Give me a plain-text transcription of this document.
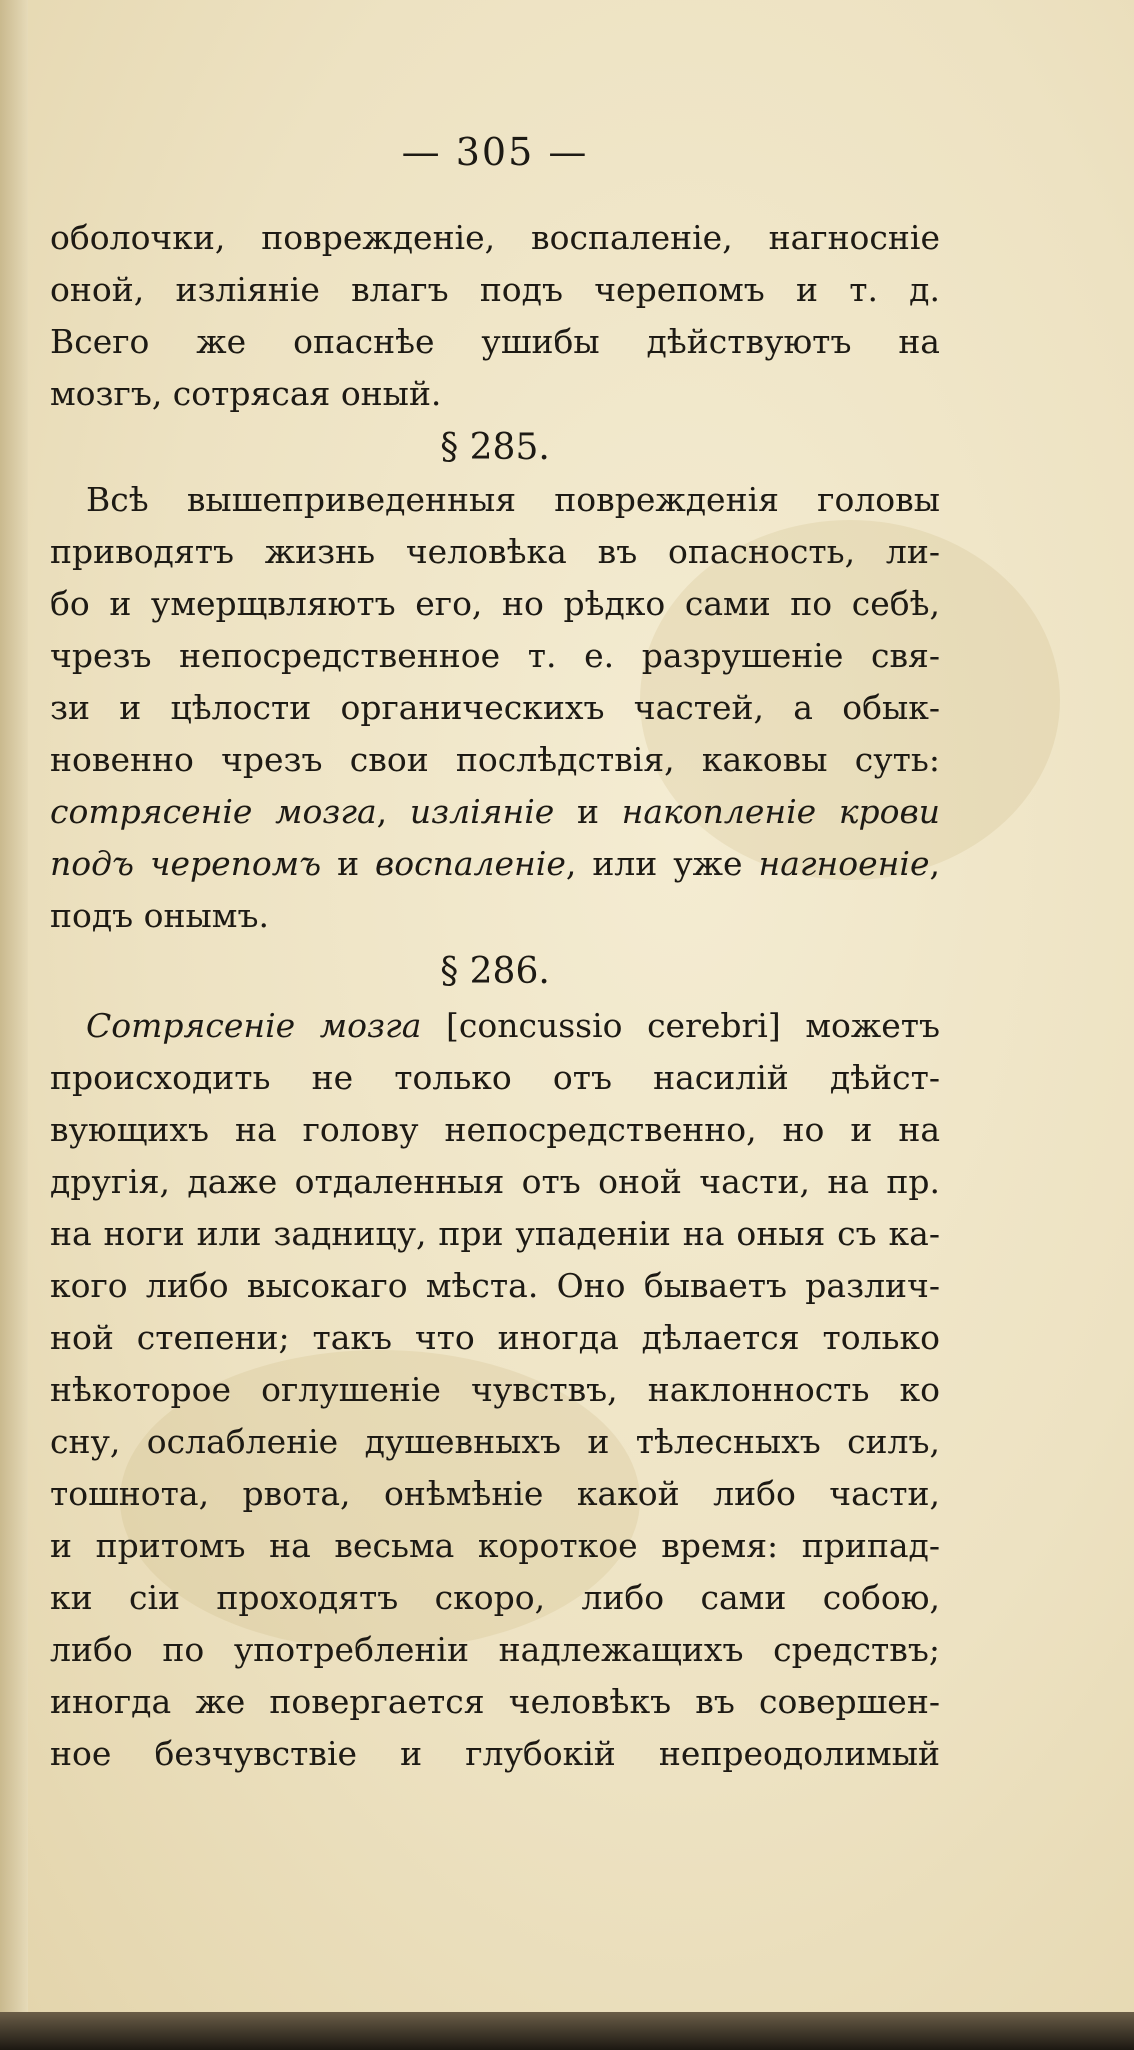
— 305 —
оболочки, поврежденіе, воспаленіе, нагносніе
оной, изліяніе влагъ подъ черепомъ и т. д.
Всего же опаснѣе ушибы дѣйствуютъ на
мозгъ, сотрясая оный.
§ 285.
Всѣ вышеприведенныя поврежденія головы
приводятъ жизнь человѣка въ опасность, ли-
бо и умерщвляютъ его, но рѣдко сами по себѣ,
чрезъ непосредственное т. е. разрушеніе свя-
зи и цѣлости органическихъ частей, а обык-
новенно чрезъ свои послѣдствія, каковы суть:
сотрясеніе мозга, изліяніе и накопленіе крови
подъ черепомъ и воспаленіе, или уже нагноеніе,
подъ онымъ.
§ 286.
Сотрясеніе мозга [concussio cerebri] можетъ
происходить не только отъ насилій дѣйст-
вующихъ на голову непосредственно, но и на
другія, даже отдаленныя отъ оной части, на пр.
на ноги или задницу, при упаденіи на оныя съ ка-
кого либо высокаго мѣста. Оно бываетъ различ-
ной степени; такъ что иногда дѣлается только
нѣкоторое оглушеніе чувствъ, наклонность ко
сну, ослабленіе душевныхъ и тѣлесныхъ силъ,
тошнота, рвота, онѣмѣніе какой либо части,
и притомъ на весьма короткое время: припад-
ки сіи проходятъ скоро, либо сами собою,
либо по употребленіи надлежащихъ средствъ;
иногда же повергается человѣкъ въ совершен-
ное безчувствіе и глубокій непреодолимый
